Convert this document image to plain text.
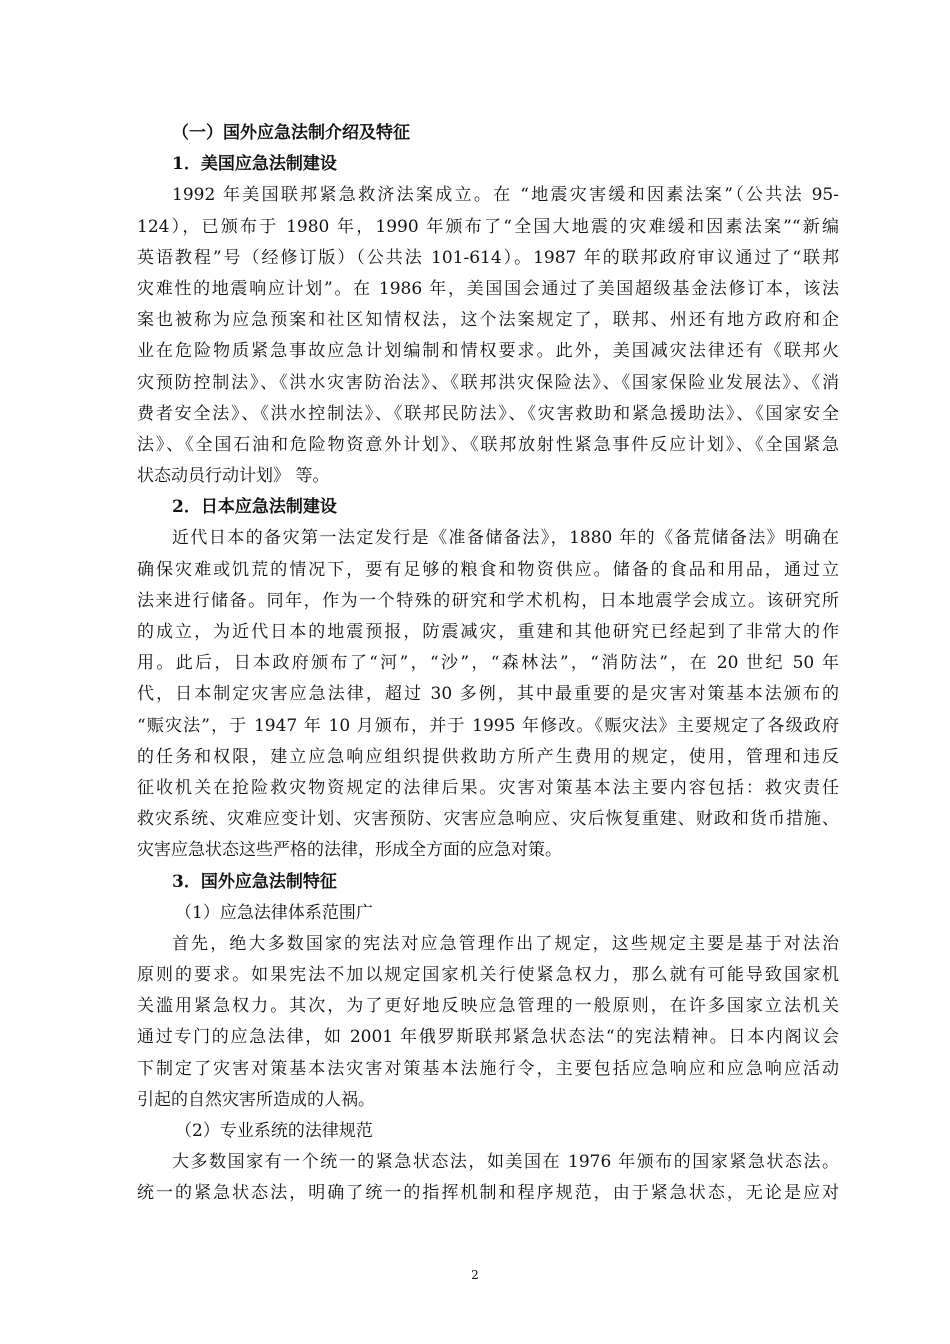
（一）国外应急法制介绍及特征
1．美国应急法制建设
1992 年美国联邦紧急救济法案成立。在 “地震灾害缓和因素法案”（公共法 95-
124），已颁布于 1980 年，1990 年颁布了“全国大地震的灾难缓和因素法案”“新编
英语教程”号（经修订版）（公共法 101-614）。1987 年的联邦政府审议通过了“联邦
灾难性的地震响应计划”。在 1986 年，美国国会通过了美国超级基金法修订本，该法
案也被称为应急预案和社区知情权法，这个法案规定了，联邦、州还有地方政府和企
业在危险物质紧急事故应急计划编制和情权要求。此外，美国减灾法律还有《联邦火
灾预防控制法》、《洪水灾害防治法》、《联邦洪灾保险法》、《国家保险业发展法》、《消
费者安全法》、《洪水控制法》、《联邦民防法》、《灾害救助和紧急援助法》、《国家安全
法》、《全国石油和危险物资意外计划》、《联邦放射性紧急事件反应计划》、《全国紧急
状态动员行动计划》 等。
2．日本应急法制建设
近代日本的备灾第一法定发行是《准备储备法》，1880 年的《备荒储备法》明确在
确保灾难或饥荒的情况下，要有足够的粮食和物资供应。储备的食品和用品，通过立
法来进行储备。同年，作为一个特殊的研究和学术机构，日本地震学会成立。该研究所
的成立，为近代日本的地震预报，防震减灾，重建和其他研究已经起到了非常大的作
用。此后，日本政府颁布了“河”，“沙”，“森林法”，“消防法”，在 20 世纪 50 年
代，日本制定灾害应急法律，超过 30 多例，其中最重要的是灾害对策基本法颁布的
“赈灾法”，于 1947 年 10 月颁布，并于 1995 年修改。《赈灾法》主要规定了各级政府
的任务和权限，建立应急响应组织提供救助方所产生费用的规定，使用，管理和违反
征收机关在抢险救灾物资规定的法律后果。灾害对策基本法主要内容包括：救灾责任
救灾系统、灾难应变计划、灾害预防、灾害应急响应、灾后恢复重建、财政和货币措施、
灾害应急状态这些严格的法律，形成全方面的应急对策。
3．国外应急法制特征
（1）应急法律体系范围广
首先，绝大多数国家的宪法对应急管理作出了规定，这些规定主要是基于对法治
原则的要求。如果宪法不加以规定国家机关行使紧急权力，那么就有可能导致国家机
关滥用紧急权力。其次，为了更好地反映应急管理的一般原则，在许多国家立法机关
通过专门的应急法律，如 2001 年俄罗斯联邦紧急状态法“的宪法精神。日本内阁议会
下制定了灾害对策基本法灾害对策基本法施行令，主要包括应急响应和应急响应活动
引起的自然灾害所造成的人祸。
（2）专业系统的法律规范
大多数国家有一个统一的紧急状态法，如美国在 1976 年颁布的国家紧急状态法。
统一的紧急状态法，明确了统一的指挥机制和程序规范，由于紧急状态，无论是应对
2
